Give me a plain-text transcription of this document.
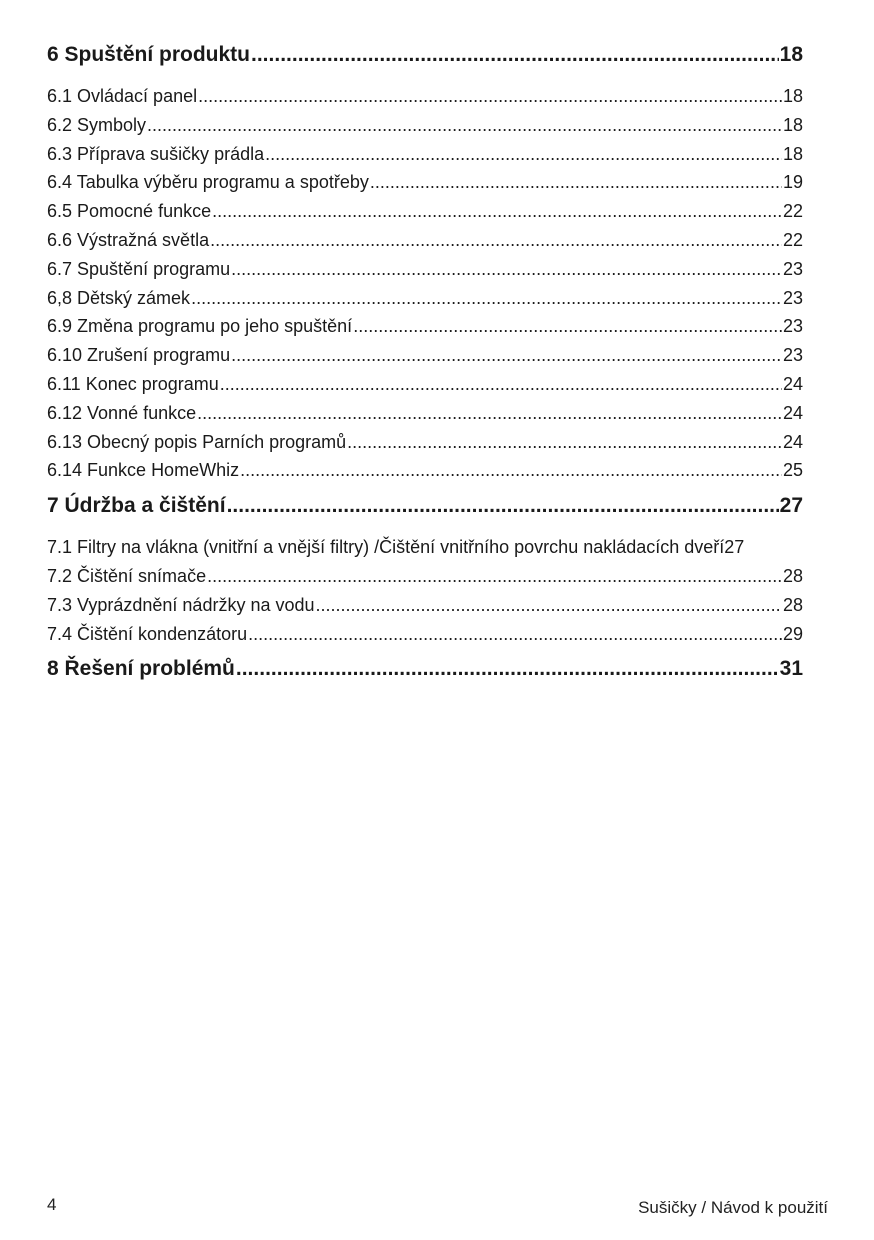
6 Spuštění produktu .....	18
6.1 Ovládací panel .....	18
6.2 Symboly .....	18
6.3 Příprava sušičky prádla .....	18
6.4 Tabulka výběru programu a spotřeby .....	19
6.5 Pomocné funkce .....	22
6.6 Výstražná světla .....	22
6.7 Spuštění programu .....	23
6,8 Dětský zámek .....	23
6.9 Změna programu po jeho spuštění .....	23
6.10 Zrušení programu .....	23
6.11 Konec programu .....	24
6.12 Vonné funkce .....	24
6.13 Obecný popis Parních programů .....	24
6.14 Funkce HomeWhiz .....	25
7 Údržba a čištění .....	27
7.1 Filtry na vlákna (vnitřní a vnější filtry) /Čištění vnitřního povrchu nakládacích dveří 27
7.2 Čištění snímače .....	28
7.3 Vyprázdnění nádržky na vodu .....	28
7.4 Čištění kondenzátoru .....	29
8 Řešení problémů .....	31
4	Sušičky / Návod k použití
